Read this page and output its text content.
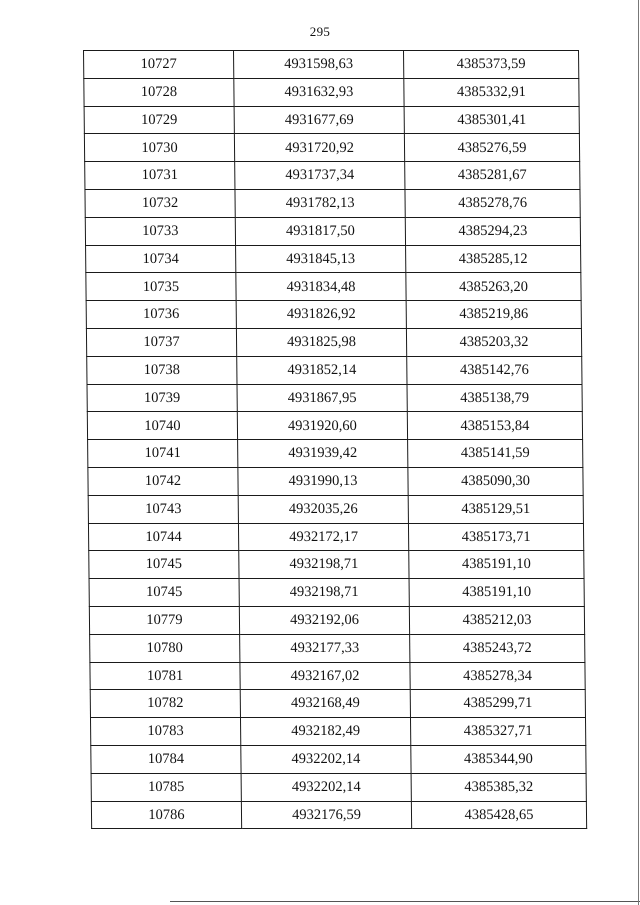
295
10727	4931598,63	4385373,59
10728	4931632,93	4385332,91
10729	4931677,69	4385301,41
10730	4931720,92	4385276,59
10731	4931737,34	4385281,67
10732	4931782,13	4385278,76
10733	4931817,50	4385294,23
10734	4931845,13	4385285,12
10735	4931834,48	4385263,20
10736	4931826,92	4385219,86
10737	4931825,98	4385203,32
10738	4931852,14	4385142,76
10739	4931867,95	4385138,79
10740	4931920,60	4385153,84
10741	4931939,42	4385141,59
10742	4931990,13	4385090,30
10743	4932035,26	4385129,51
10744	4932172,17	4385173,71
10745	4932198,71	4385191,10
10745	4932198,71	4385191,10
10779	4932192,06	4385212,03
10780	4932177,33	4385243,72
10781	4932167,02	4385278,34
10782	4932168,49	4385299,71
10783	4932182,49	4385327,71
10784	4932202,14	4385344,90
10785	4932202,14	4385385,32
10786	4932176,59	4385428,65
